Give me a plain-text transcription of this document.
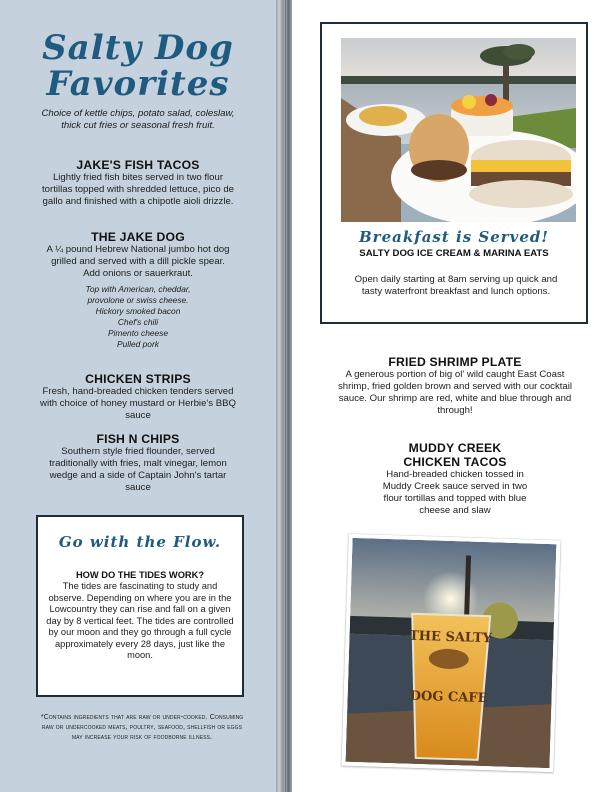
Salty Dog
Favorites
Choice of kettle chips, potato salad, coleslaw, thick cut fries or seasonal fresh fruit.
JAKE'S FISH TACOS
Lightly fried fish bites served in two flour tortillas topped with shredded lettuce, pico de gallo and finished with a chipotle aioli drizzle.
THE JAKE DOG
A ¼ pound Hebrew National jumbo hot dog grilled and served with a dill pickle spear. Add onions or sauerkraut.
Top with American, cheddar,
provolone or swiss cheese.
Hickory smoked bacon
Chef's chili
Pimento cheese
Pulled pork
CHICKEN STRIPS
Fresh, hand-breaded chicken tenders served with choice of honey mustard or Herbie's BBQ sauce
FISH N CHIPS
Southern style fried flounder, served traditionally with fries, malt vinegar, lemon wedge and a side of Captain John's tartar sauce
Go with the Flow.
HOW DO THE TIDES WORK?
The tides are fascinating to study and observe. Depending on where you are in the Lowcountry they can rise and fall on a given day by 8 vertical feet. The tides are controlled by our moon and they go through a full cycle approximately every 28 days, just like the moon.
*Contains ingredients that are raw or under-cooked. Consuming raw or undercooked meats, poultry, seafood, shellfish or eggs may increase your risk of foodborne illness.
Breakfast is Served!
SALTY DOG ICE CREAM & MARINA EATS
Open daily starting at 8am serving up quick and tasty waterfront breakfast and lunch options.
FRIED SHRIMP PLATE
A generous portion of big ol' wild caught East Coast shrimp, fried golden brown and served with our cocktail sauce. Our shrimp are red, white and blue through and through!
MUDDY CREEK CHICKEN TACOS
Hand-breaded chicken tossed in Muddy Creek sauce served in two flour tortillas and topped with blue cheese and slaw
THE SALTY
DOG CAFE
